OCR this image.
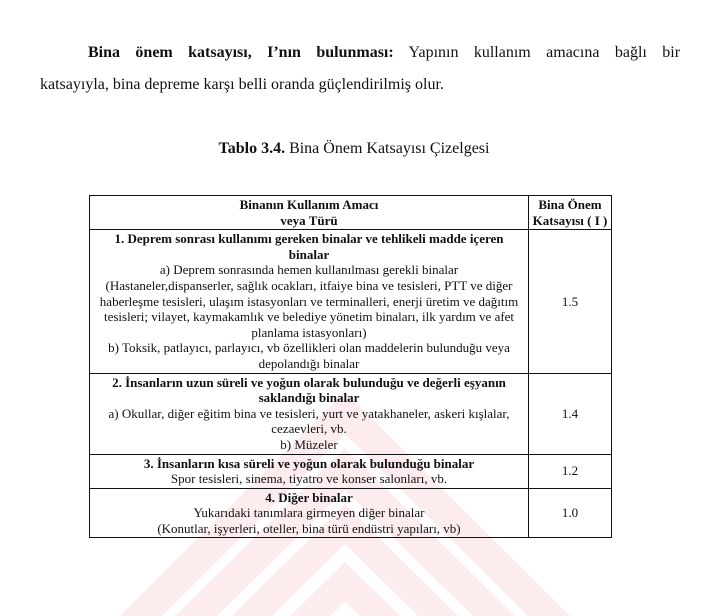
Bina önem katsayısı, I’nın bulunması: Yapının kullanım amacına bağlı bir
katsayıyla, bina depreme karşı belli oranda güçlendirilmiş olur.
Tablo 3.4. Bina Önem Katsayısı Çizelgesi
Binanın Kullanım Amacı
veya Türü	Bina Önem
Katsayısı ( I )

1. Deprem sonrası kullanımı gereken binalar ve tehlikeli madde içeren binalar
a) Deprem sonrasında hemen kullanılması gerekli binalar
(Hastaneler,dispanserler, sağlık ocakları, itfaiye bina ve tesisleri, PTT ve diğer haberleşme tesisleri, ulaşım istasyonları ve terminalleri, enerji üretim ve dağıtım tesisleri; vilayet, kaymakamlık ve belediye yönetim binaları, ilk yardım ve afet planlama istasyonları)
b) Toksik, patlayıcı, parlayıcı, vb özellikleri olan maddelerin bulunduğu veya depolandığı binalar	1.5

2. İnsanların uzun süreli ve yoğun olarak bulunduğu ve değerli eşyanın saklandığı binalar
a) Okullar, diğer eğitim bina ve tesisleri, yurt ve yatakhaneler, askeri kışlalar, cezaevleri, vb.
b) Müzeler	1.4

3. İnsanların kısa süreli ve yoğun olarak bulunduğu binalar
Spor tesisleri, sinema, tiyatro ve konser salonları, vb.	1.2

4. Diğer binalar
Yukarıdaki tanımlara girmeyen diğer binalar
(Konutlar, işyerleri, oteller, bina türü endüstri yapıları, vb)	1.0
